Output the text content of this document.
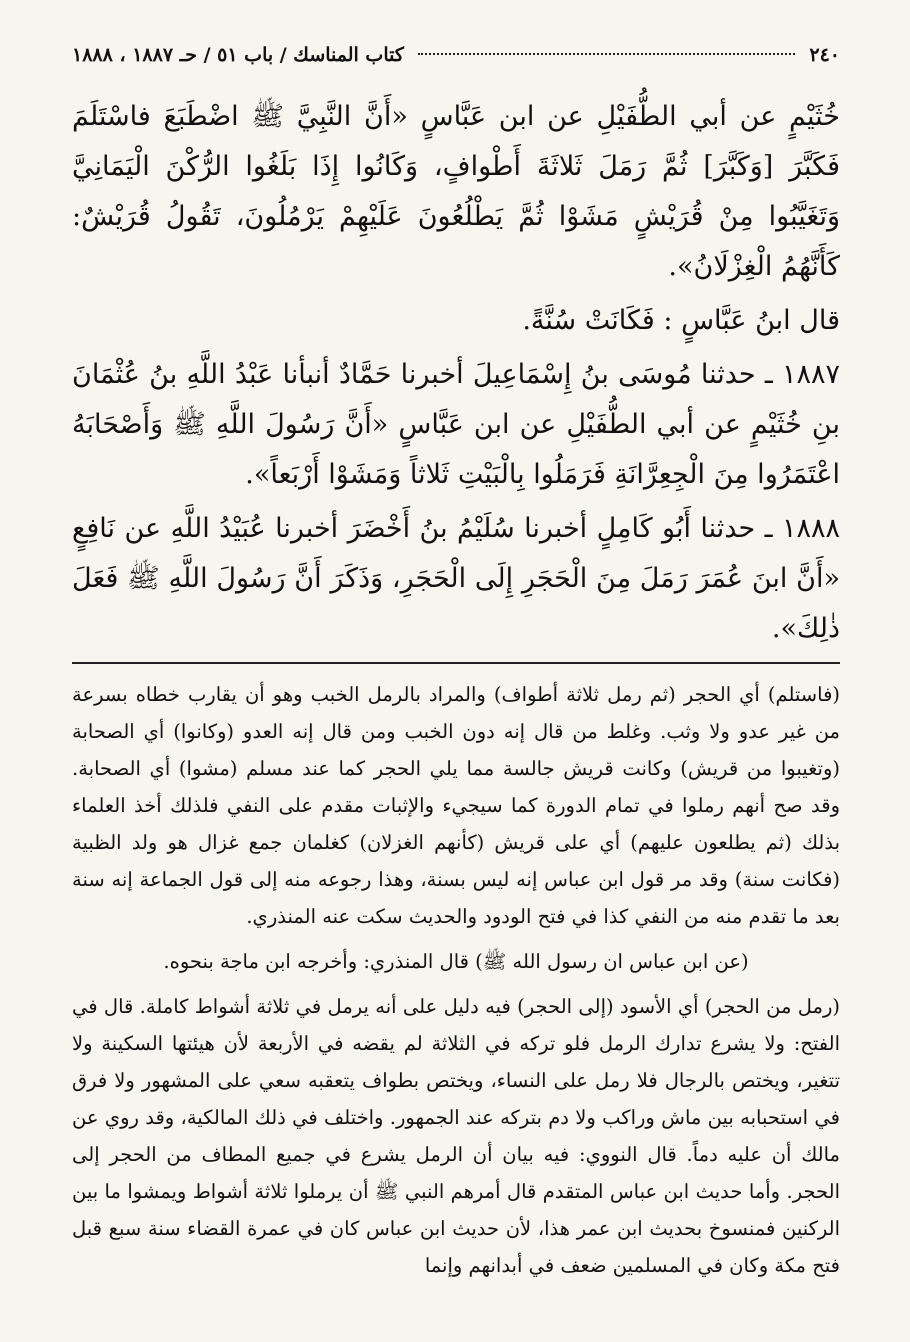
٢٤٠
كتاب المناسك / باب ٥١ / حـ ١٨٨٧ ، ١٨٨٨

خُثَيْمٍ عن أبي الطُّفَيْلِ عن ابن عَبَّاسٍ «أَنَّ النَّبِيَّ ﷺ اضْطَبَعَ فاسْتَلَمَ فَكَبَّرَ [وَكَبَّرَ] ثُمَّ رَمَلَ ثَلاثَةَ أَطْوافٍ، وَكَانُوا إِذَا بَلَغُوا الرُّكْنَ الْيَمَانِيَّ وَتَغَيَّبُوا مِنْ قُرَيْشٍ مَشَوْا ثُمَّ يَطْلُعُونَ عَلَيْهِمْ يَرْمُلُونَ، تَقُولُ قُرَيْشٌ: كَأَنَّهُمُ الْغِزْلَانُ».

قال ابنُ عَبَّاسٍ : فَكَانَتْ سُنَّةً.

١٨٨٧ ـ حدثنا مُوسَى بنُ إِسْمَاعِيلَ أخبرنا حَمَّادٌ أنبأنا عَبْدُ اللَّهِ بنُ عُثْمَانَ بنِ خُثَيْمٍ عن أبي الطُّفَيْلِ عن ابن عَبَّاسٍ «أَنَّ رَسُولَ اللَّهِ ﷺ وَأَصْحَابَهُ اعْتَمَرُوا مِنَ الْجِعِرَّانَةِ فَرَمَلُوا بِالْبَيْتِ ثَلاثاً وَمَشَوْا أَرْبَعاً».

١٨٨٨ ـ حدثنا أَبُو كَامِلٍ أخبرنا سُلَيْمُ بنُ أَخْضَرَ أخبرنا عُبَيْدُ اللَّهِ عن نَافِعٍ «أَنَّ ابنَ عُمَرَ رَمَلَ مِنَ الْحَجَرِ إِلَى الْحَجَرِ، وَذَكَرَ أَنَّ رَسُولَ اللَّهِ ﷺ فَعَلَ ذٰلِكَ».

(فاستلم) أي الحجر (ثم رمل ثلاثة أطواف) والمراد بالرمل الخبب وهو أن يقارب خطاه بسرعة من غير عدو ولا وثب. وغلط من قال إنه دون الخبب ومن قال إنه العدو (وكانوا) أي الصحابة (وتغيبوا من قريش) وكانت قريش جالسة مما يلي الحجر كما عند مسلم (مشوا) أي الصحابة. وقد صح أنهم رملوا في تمام الدورة كما سيجيء والإثبات مقدم على النفي فلذلك أخذ العلماء بذلك (ثم يطلعون عليهم) أي على قريش (كأنهم الغزلان) كغلمان جمع غزال هو ولد الظبية (فكانت سنة) وقد مر قول ابن عباس إنه ليس بسنة، وهذا رجوعه منه إلى قول الجماعة إنه سنة بعد ما تقدم منه من النفي كذا في فتح الودود والحديث سكت عنه المنذري.

(عن ابن عباس ان رسول الله ﷺ) قال المنذري: وأخرجه ابن ماجة بنحوه.

(رمل من الحجر) أي الأسود (إلى الحجر) فيه دليل على أنه يرمل في ثلاثة أشواط كاملة. قال في الفتح: ولا يشرع تدارك الرمل فلو تركه في الثلاثة لم يقضه في الأربعة لأن هيئتها السكينة ولا تتغير، ويختص بالرجال فلا رمل على النساء، ويختص بطواف يتعقبه سعي على المشهور ولا فرق في استحبابه بين ماش وراكب ولا دم بتركه عند الجمهور. واختلف في ذلك المالكية، وقد روي عن مالك أن عليه دماً. قال النووي: فيه بيان أن الرمل يشرع في جميع المطاف من الحجر إلى الحجر. وأما حديث ابن عباس المتقدم قال أمرهم النبي ﷺ أن يرملوا ثلاثة أشواط ويمشوا ما بين الركنين فمنسوخ بحديث ابن عمر هذا، لأن حديث ابن عباس كان في عمرة القضاء سنة سبع قبل فتح مكة وكان في المسلمين ضعف في أبدانهم وإنما
